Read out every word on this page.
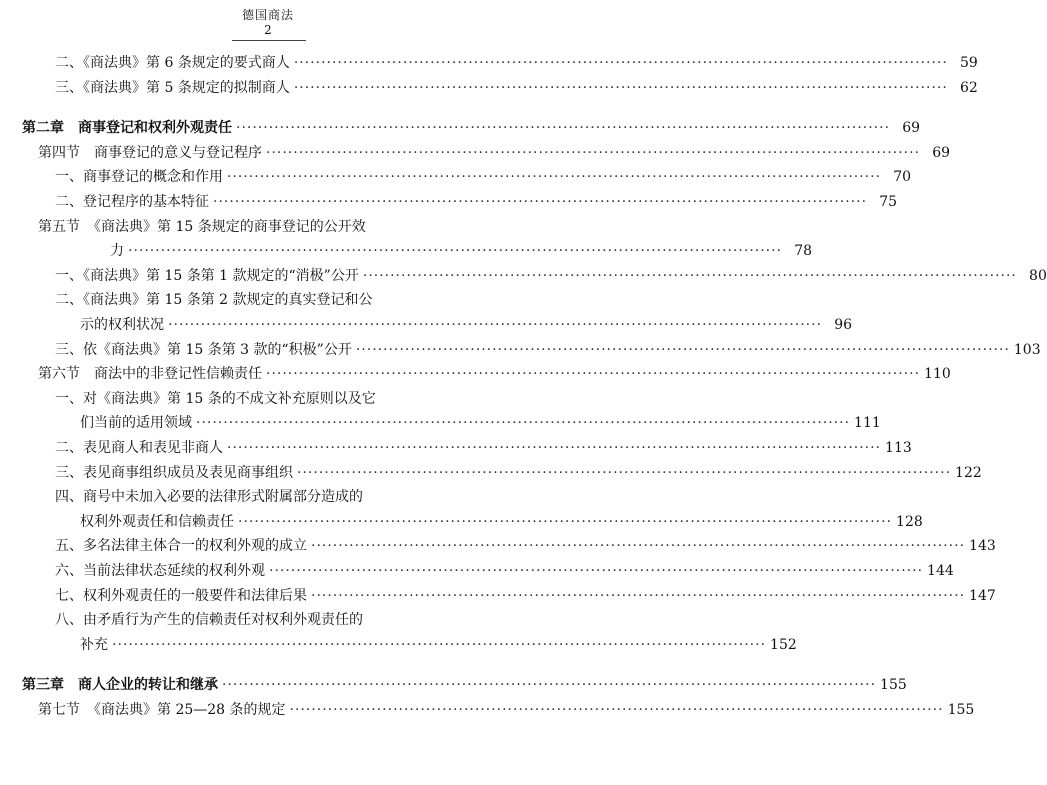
德国商法
2
二、《商法典》第 6 条规定的要式商人 ························································································································ 59
三、《商法典》第 5 条规定的拟制商人 ························································································································ 62
第二章　商事登记和权利外观责任 ························································································································ 69
第四节　商事登记的意义与登记程序 ························································································································ 69
一、商事登记的概念和作用 ························································································································ 70
二、登记程序的基本特征 ························································································································ 75
第五节　《商法典》第 15 条规定的商事登记的公开效
力 ························································································································ 78
一、《商法典》第 15 条第 1 款规定的“消极”公开 ························································································································ 80
二、《商法典》第 15 条第 2 款规定的真实登记和公
示的权利状况 ························································································································ 96
三、依《商法典》第 15 条第 3 款的“积极”公开 ························································································································ 103
第六节　商法中的非登记性信赖责任 ························································································································ 110
一、对《商法典》第 15 条的不成文补充原则以及它
们当前的适用领域 ························································································································ 111
二、表见商人和表见非商人 ························································································································ 113
三、表见商事组织成员及表见商事组织 ························································································································ 122
四、商号中未加入必要的法律形式附属部分造成的
权利外观责任和信赖责任 ························································································································ 128
五、多名法律主体合一的权利外观的成立 ························································································································ 143
六、当前法律状态延续的权利外观 ························································································································ 144
七、权利外观责任的一般要件和法律后果 ························································································································ 147
八、由矛盾行为产生的信赖责任对权利外观责任的
补充 ························································································································ 152
第三章　商人企业的转让和继承 ························································································································ 155
第七节　《商法典》第 25—28 条的规定 ························································································································ 155
